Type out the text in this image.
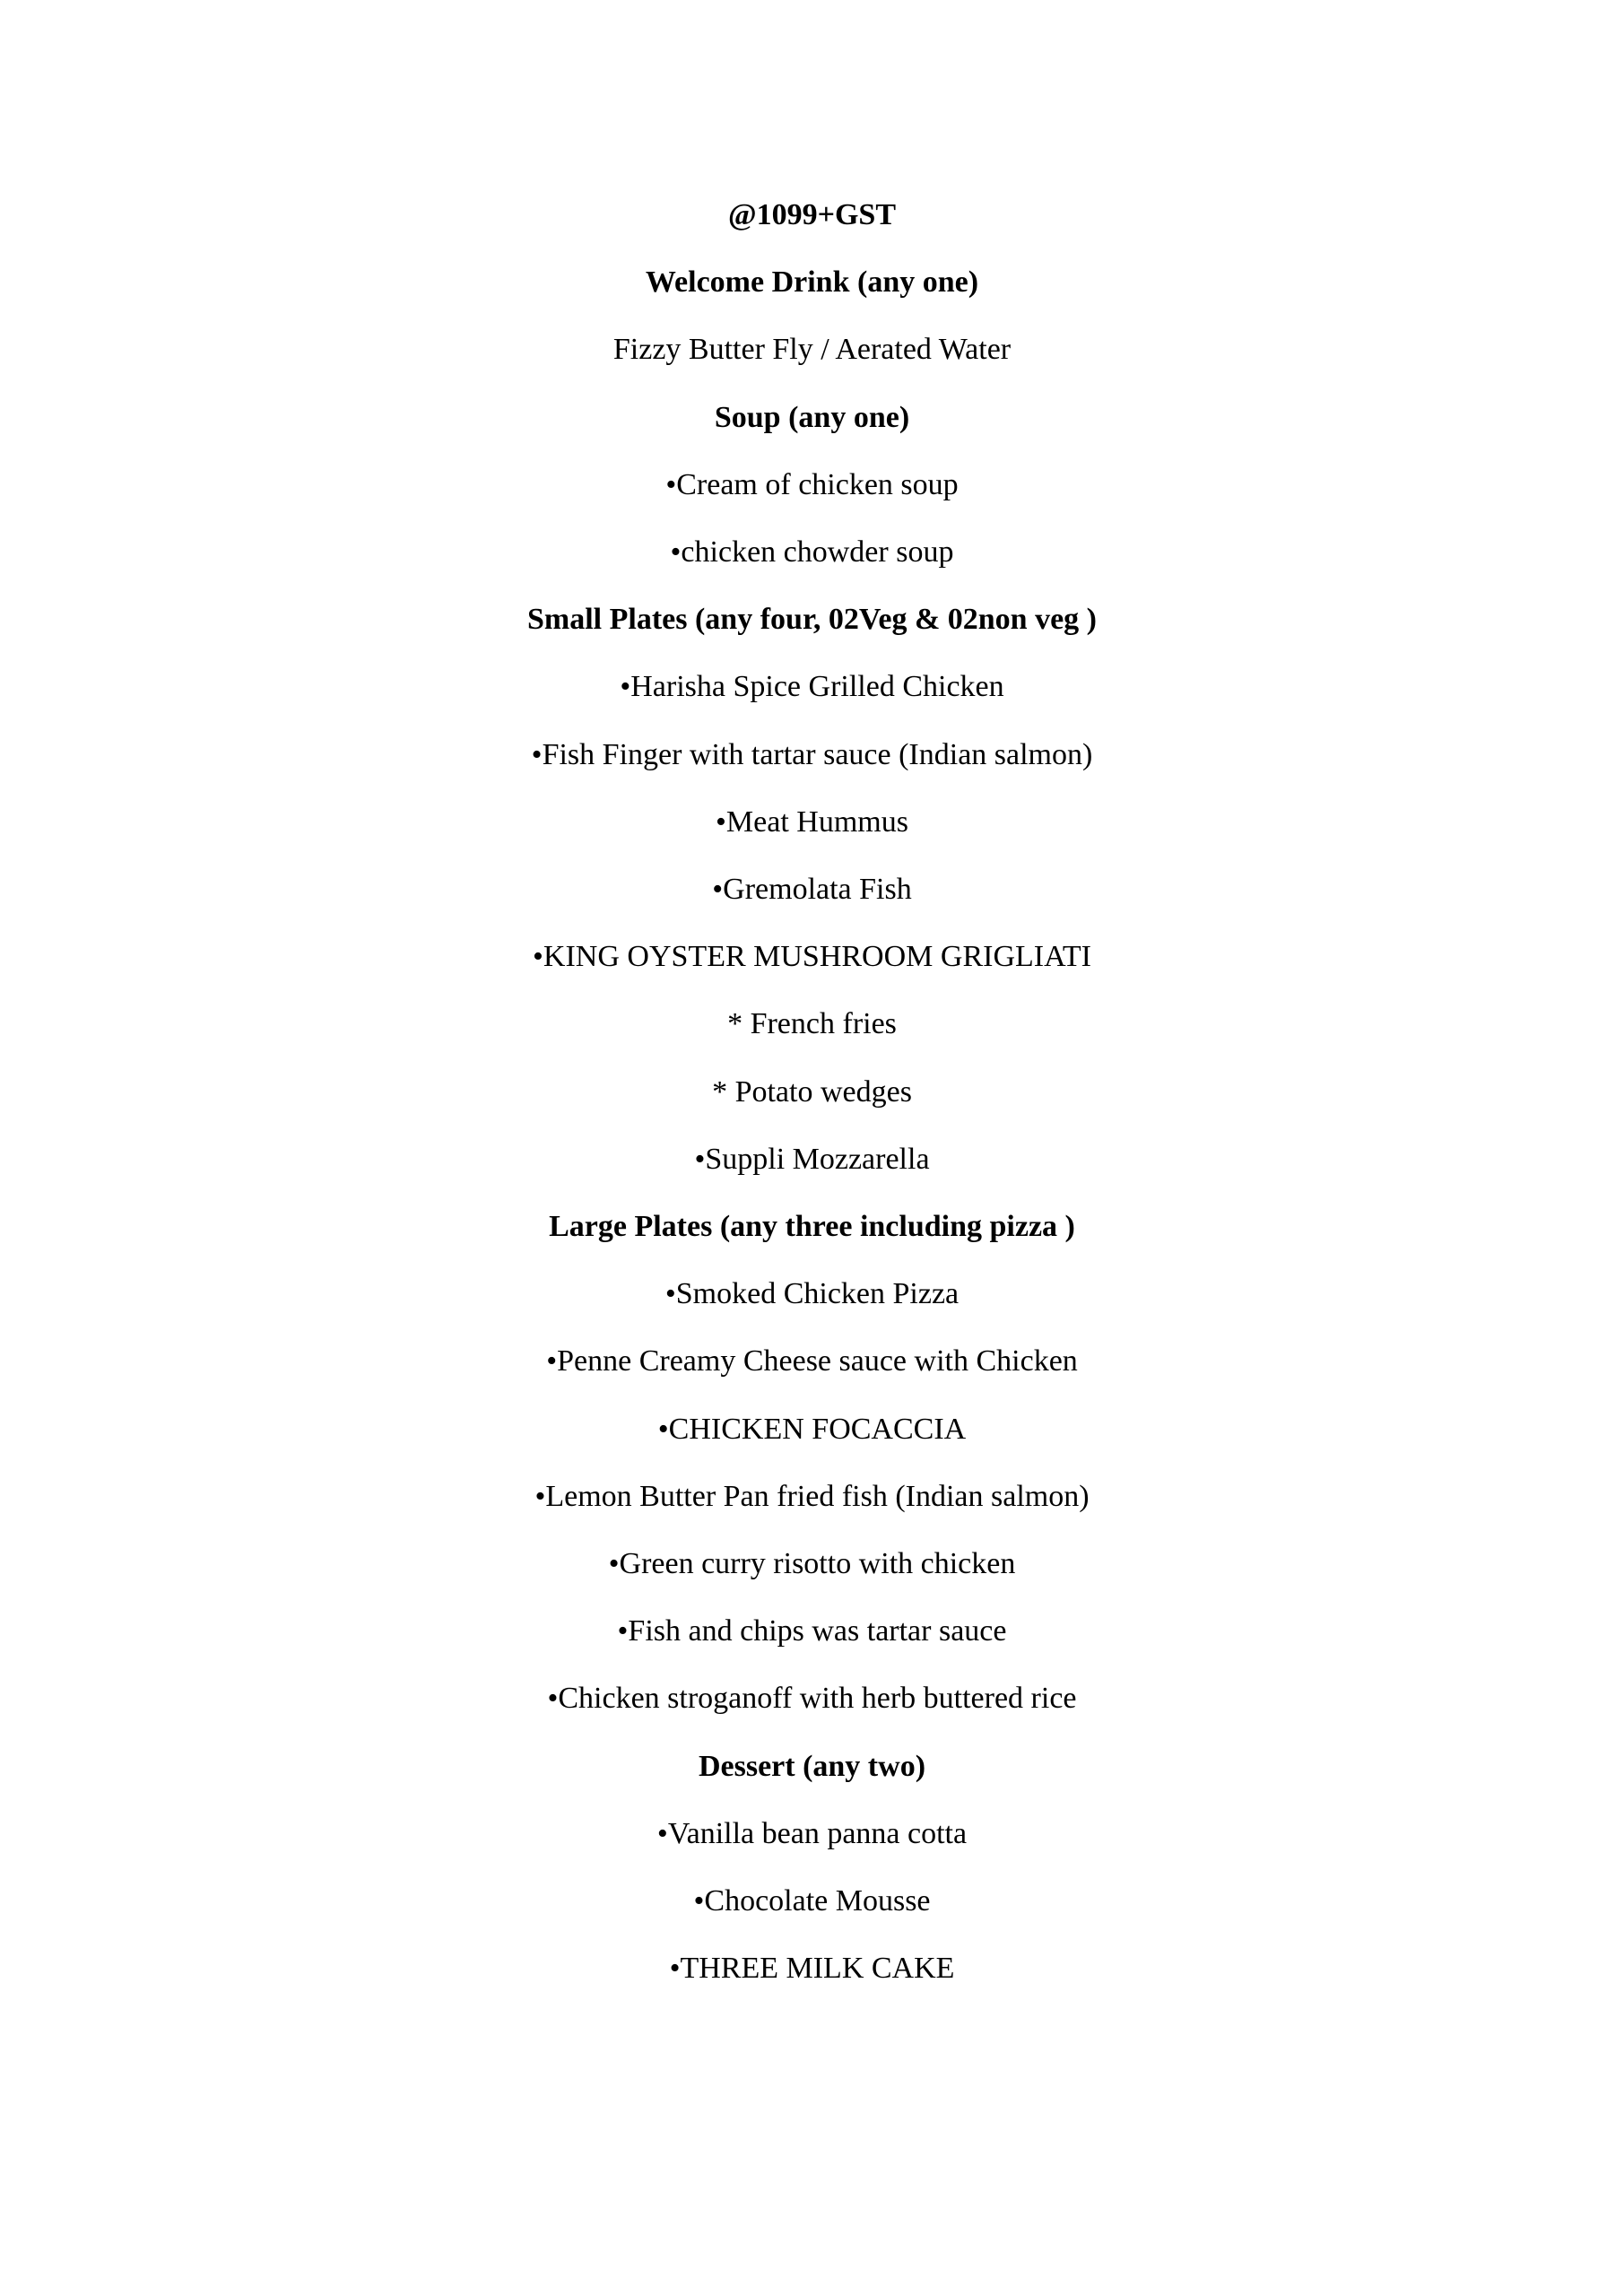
@1099+GST
Welcome Drink (any one)
Fizzy Butter Fly / Aerated Water
Soup (any one)
•Cream of chicken soup
•chicken chowder soup
Small Plates (any four, 02Veg & 02non veg )
•Harisha Spice Grilled Chicken
•Fish Finger with tartar sauce (Indian salmon)
•Meat Hummus
•Gremolata Fish
•KING OYSTER MUSHROOM GRIGLIATI
* French fries
* Potato wedges
•Suppli Mozzarella
Large Plates (any three including pizza )
•Smoked Chicken Pizza
•Penne Creamy Cheese sauce with Chicken
•CHICKEN FOCACCIA
•Lemon Butter Pan fried fish (Indian salmon)
•Green curry risotto with chicken
•Fish and chips was tartar sauce
•Chicken stroganoff with herb buttered rice
Dessert (any two)
•Vanilla bean panna cotta
•Chocolate Mousse
•THREE MILK CAKE
